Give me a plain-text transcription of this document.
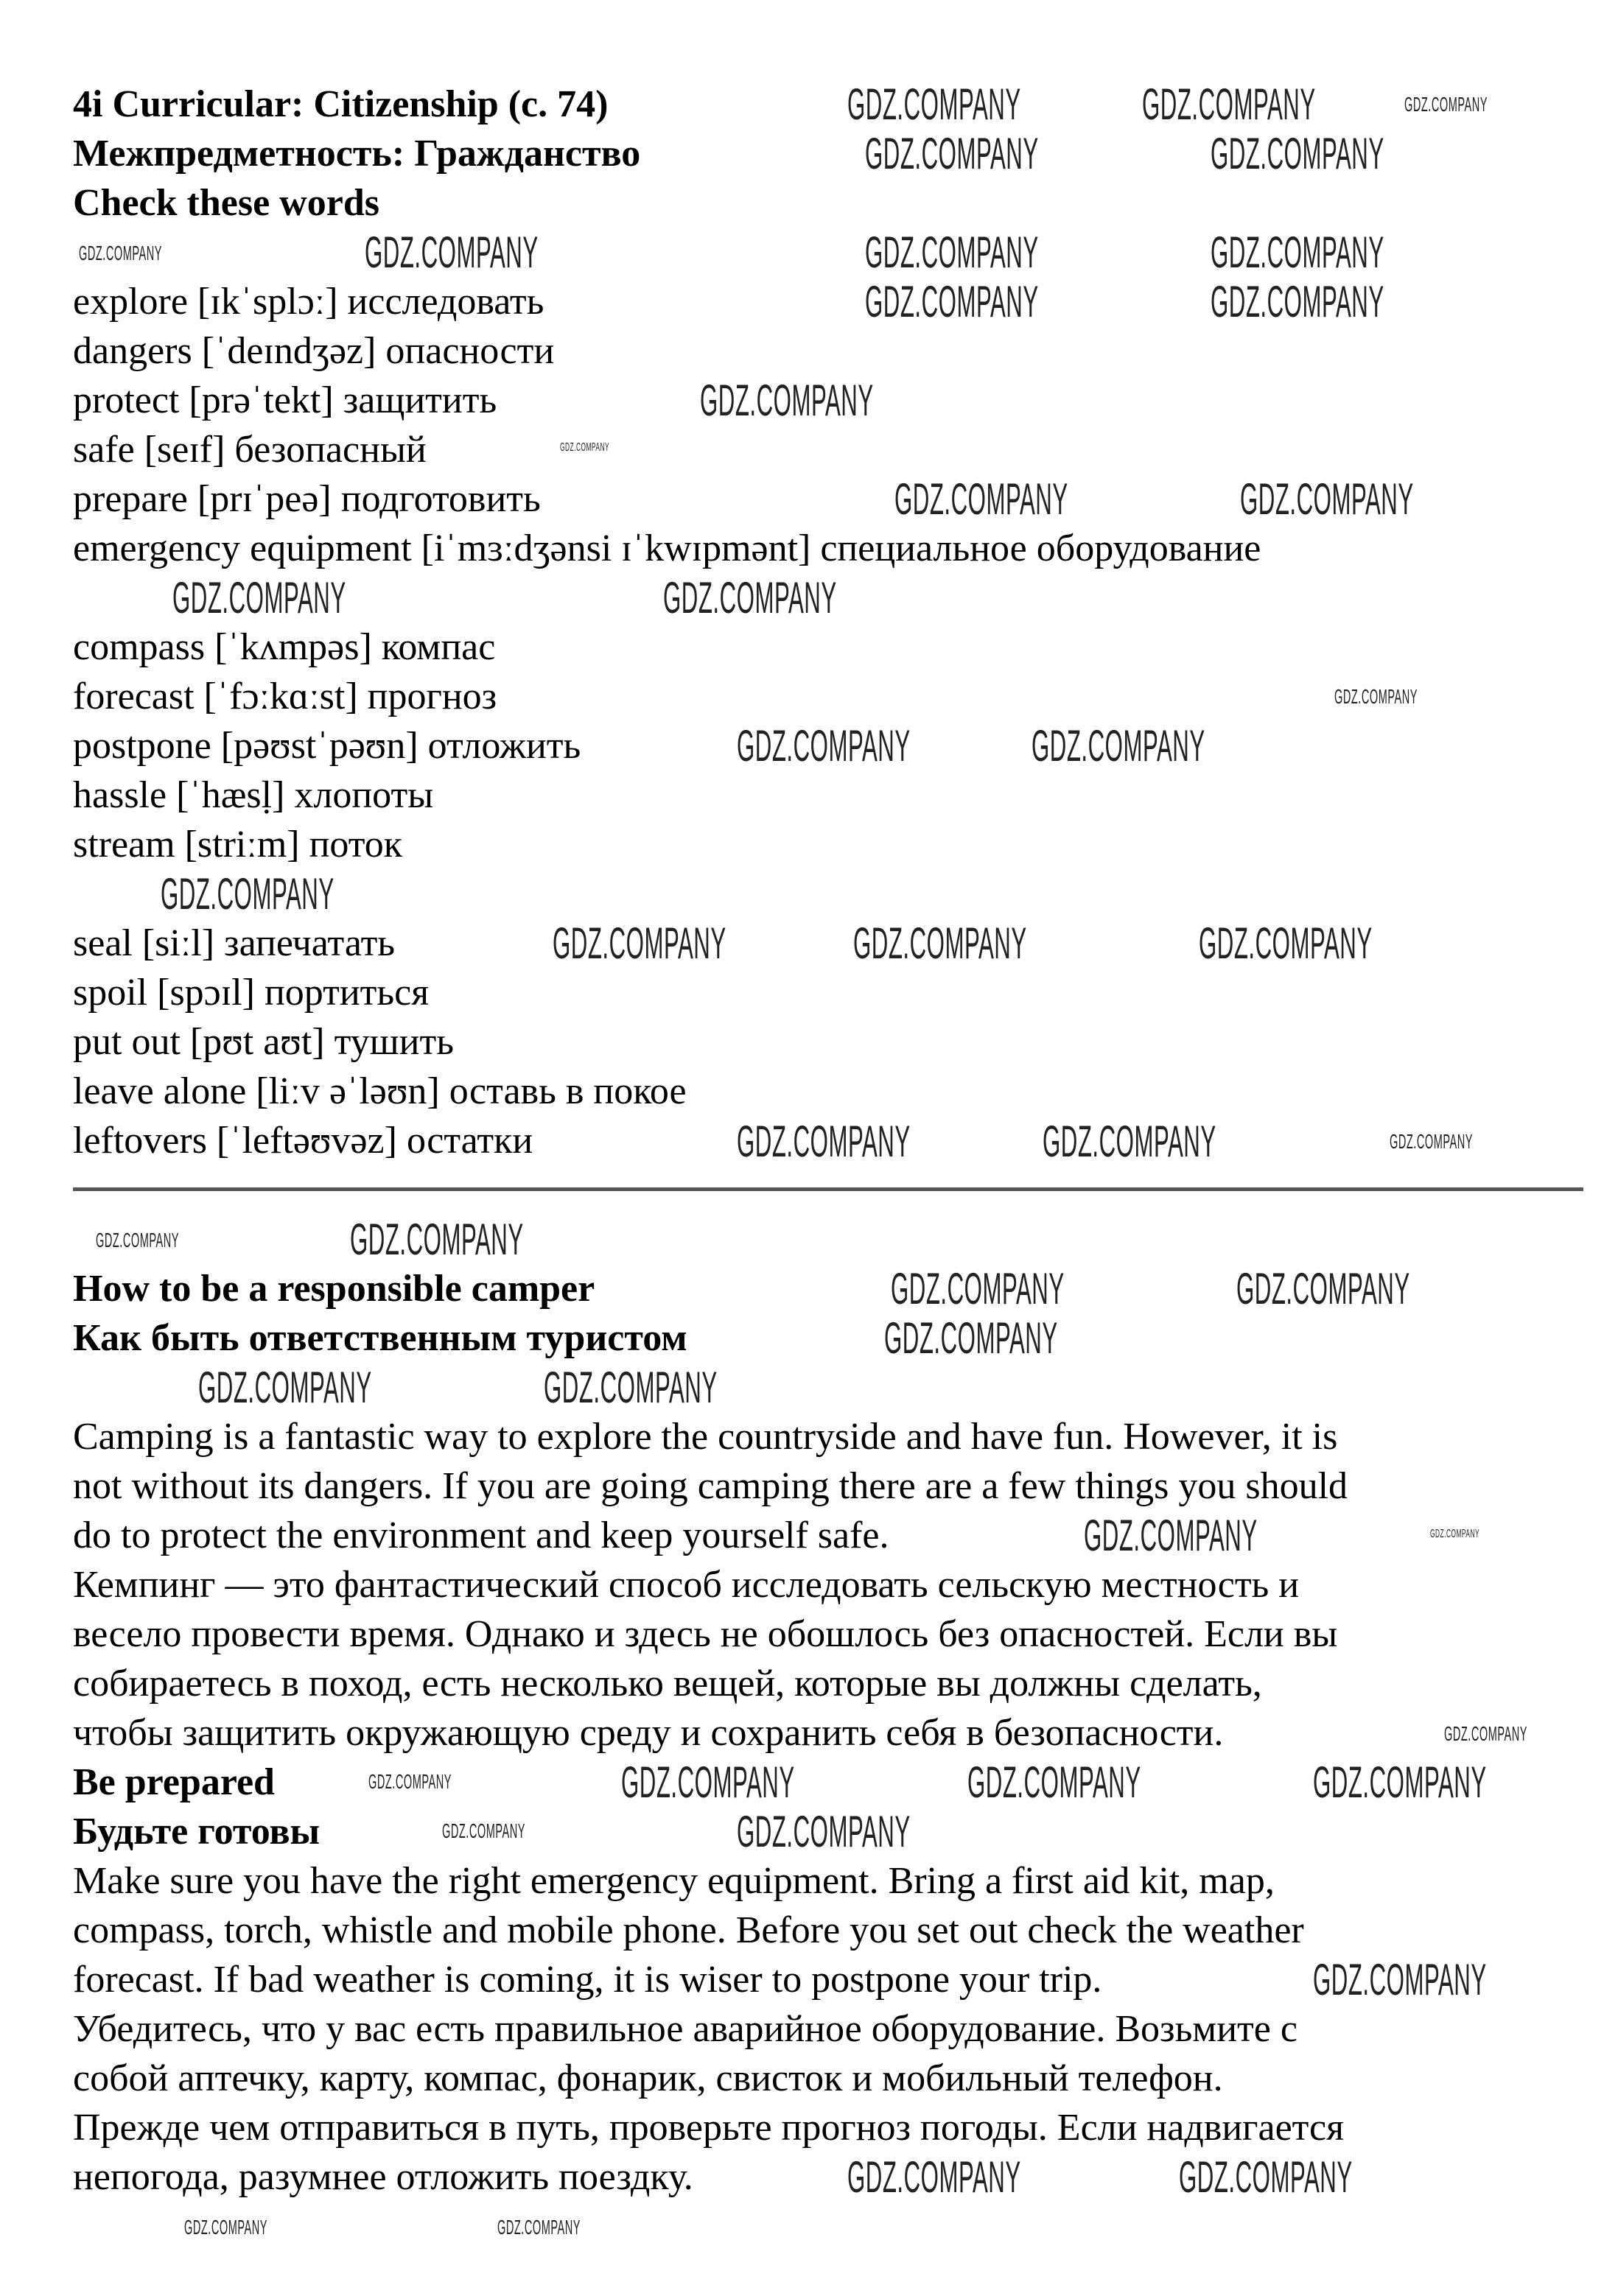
4i Curricular: Citizenship (c. 74)
Межпредметность: Гражданство
Check these words
explore [ɪkˈsplɔː] исследовать
dangers [ˈdeɪndʒəz] опасности
protect [prəˈtekt] защитить
safe [seɪf] безопасный
prepare [prɪˈpeə] подготовить
emergency equipment [iˈmɜːdʒənsi ɪˈkwɪpmənt] специальное оборудование
compass [ˈkʌmpəs] компас
forecast [ˈfɔːkɑːst] прогноз
postpone [pəʊstˈpəʊn] отложить
hassle [ˈhæsḷ] хлопоты
stream [striːm] поток
seal [siːl] запечатать
spoil [spɔɪl] портиться
put out [pʊt aʊt] тушить
leave alone [liːv əˈləʊn] оставь в покое
leftovers [ˈleftəʊvəz] остатки
How to be a responsible camper
Как быть ответственным туристом
Camping is a fantastic way to explore the countryside and have fun. However, it is
not without its dangers. If you are going camping there are a few things you should
do to protect the environment and keep yourself safe.
Кемпинг — это фантастический способ исследовать сельскую местность и
весело провести время. Однако и здесь не обошлось без опасностей. Если вы
собираетесь в поход, есть несколько вещей, которые вы должны сделать,
чтобы защитить окружающую среду и сохранить себя в безопасности.
Be prepared
Будьте готовы
Make sure you have the right emergency equipment. Bring a first aid kit, map,
compass, torch, whistle and mobile phone. Before you set out check the weather
forecast. If bad weather is coming, it is wiser to postpone your trip.
Убедитесь, что у вас есть правильное аварийное оборудование. Возьмите с
собой аптечку, карту, компас, фонарик, свисток и мобильный телефон.
Прежде чем отправиться в путь, проверьте прогноз погоды. Если надвигается
непогода, разумнее отложить поездку.
GDZ.COMPANY	GDZ.COMPANY	GDZ.COMPANY
GDZ.COMPANY	GDZ.COMPANY
GDZ.COMPANY	GDZ.COMPANY	GDZ.COMPANY	GDZ.COMPANY
GDZ.COMPANY	GDZ.COMPANY
GDZ.COMPANY
GDZ.COMPANY
GDZ.COMPANY	GDZ.COMPANY
GDZ.COMPANY	GDZ.COMPANY
GDZ.COMPANY
GDZ.COMPANY	GDZ.COMPANY
GDZ.COMPANY
GDZ.COMPANY	GDZ.COMPANY	GDZ.COMPANY
GDZ.COMPANY	GDZ.COMPANY	GDZ.COMPANY
GDZ.COMPANY	GDZ.COMPANY
GDZ.COMPANY	GDZ.COMPANY
GDZ.COMPANY
GDZ.COMPANY	GDZ.COMPANY
GDZ.COMPANY	GDZ.COMPANY
GDZ.COMPANY
GDZ.COMPANY	GDZ.COMPANY	GDZ.COMPANY	GDZ.COMPANY
GDZ.COMPANY	GDZ.COMPANY
GDZ.COMPANY
GDZ.COMPANY	GDZ.COMPANY
GDZ.COMPANY	GDZ.COMPANY
